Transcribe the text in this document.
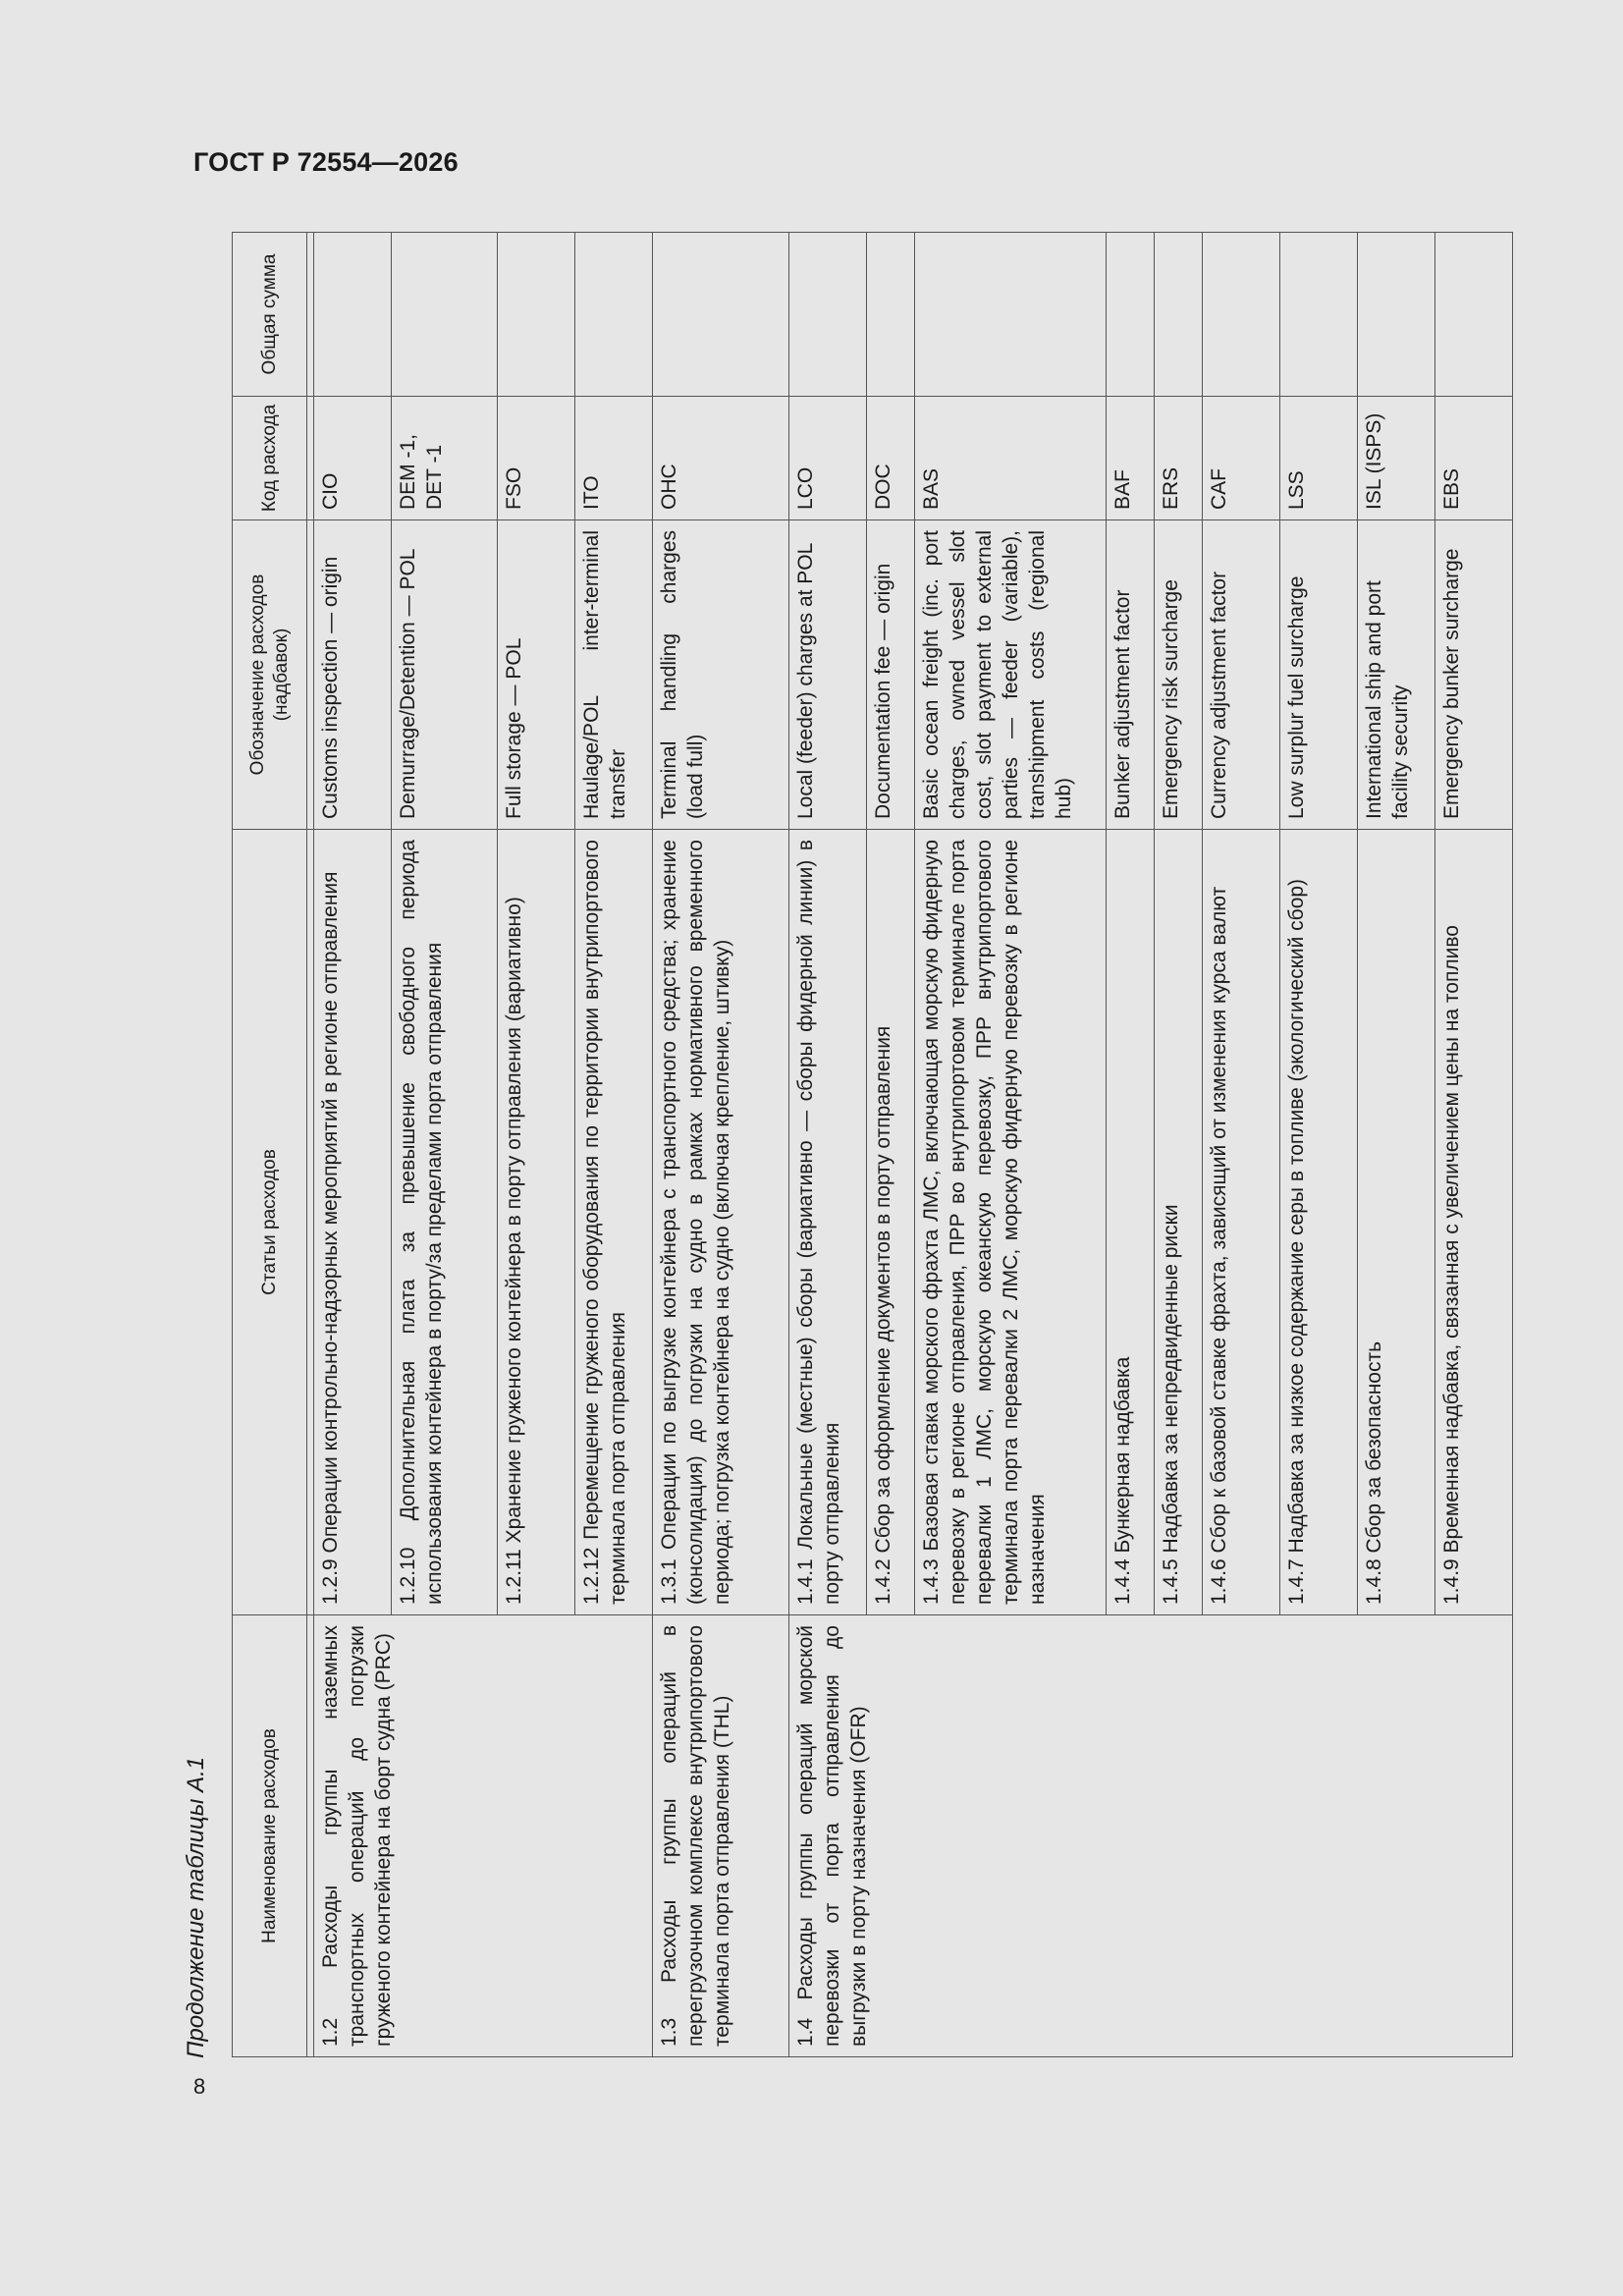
ГОСТ Р 72554—2026
Продолжение таблицы А.1
8
Наименование расходов	Статьи расходов	Обозначение расходов (надбавок)	Код расхода	Общая сумма

1.2 Расходы группы наземных транспортных операций до погрузки груженого контейнера на борт судна (PRC)	1.2.9 Операции контрольно-надзорных мероприятий в регионе отправления	Customs inspection — origin	CIO	
	1.2.10 Дополнительная плата за превышение свободного периода использования контейнера в порту/за пределами порта отправления	Demurrage/Detention — POL	DEM -1, DET -1	
	1.2.11 Хранение груженого контейнера в порту отправления (вариативно)	Full storage — POL	FSO	
	1.2.12 Перемещение груженого оборудования по территории внутрипортового терминала порта отправления	Haulage/POL inter-terminal transfer	ITO	
1.3 Расходы группы операций в перегрузочном комплексе внутрипортового терминала порта отправления (THL)	1.3.1 Операции по выгрузке контейнера с транспортного средства; хранение (консолидация) до погрузки на судно в рамках нормативного временного периода; погрузка контейнера на судно (включая крепление, штивку)	Terminal handling charges (load full)	OHC	
1.4 Расходы группы операций морской перевозки от порта отправления до выгрузки в порту назначения (OFR)	1.4.1 Локальные (местные) сборы (вариативно — сборы фидерной линии) в порту отправления	Local (feeder) charges at POL	LCO	
	1.4.2 Сбор за оформление документов в порту отправления	Documentation fee — origin	DOC	
	1.4.3 Базовая ставка морского фрахта ЛМС, включающая морскую фидерную перевозку в регионе отправления, ПРР во внутрипортовом терминале порта перевалки 1 ЛМС, морскую океанскую перевозку, ПРР внутрипортового терминала порта перевалки 2 ЛМС, морскую фидерную перевозку в регионе назначения	Basic ocean freight (inc. port charges, owned vessel slot cost, slot payment to external parties — feeder (variable), transhipment costs (regional hub)	BAS	
	1.4.4 Бункерная надбавка	Bunker adjustment factor	BAF	
	1.4.5 Надбавка за непредвиденные риски	Emergency risk surcharge	ERS	
	1.4.6 Сбор к базовой ставке фрахта, зависящий от изменения курса валют	Currency adjustment factor	CAF	
	1.4.7 Надбавка за низкое содержание серы в топливе (экологический сбор)	Low surplur fuel surcharge	LSS	
	1.4.8 Сбор за безопасность	International ship and port facility security	ISL (ISPS)	
	1.4.9 Временная надбавка, связанная с увеличением цены на топливо	Emergency bunker surcharge	EBS	
